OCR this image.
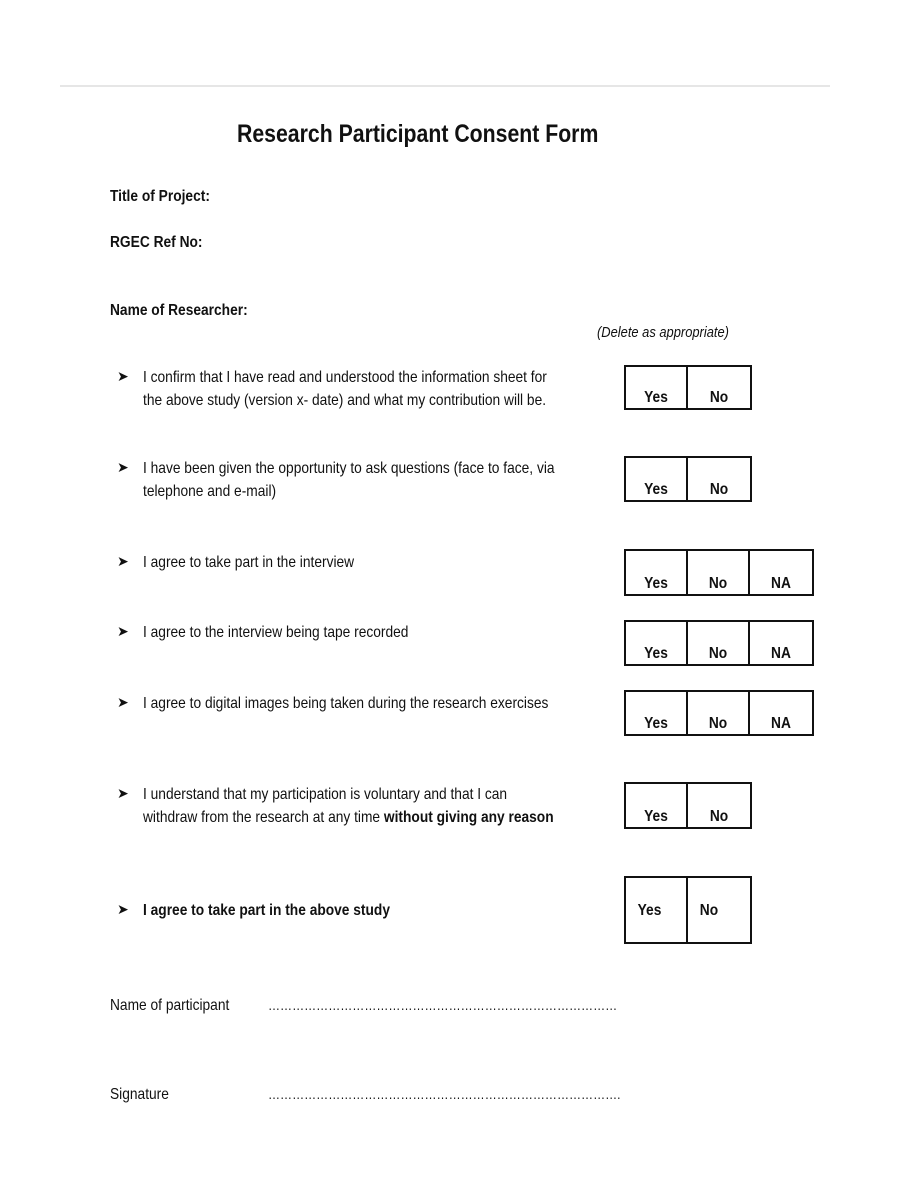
Research Participant Consent Form
Title of Project:
RGEC Ref No:
Name of Researcher:
(Delete as appropriate)
➤ I confirm that I have read and understood the information sheet for
the above study (version x- date) and what my contribution will be.	Yes	No
➤ I have been given the opportunity to ask questions (face to face, via
telephone and e-mail)	Yes	No
➤ I agree to take part in the interview
Yes	No	NA
➤ I agree to the interview being tape recorded
Yes	No	NA
➤ I agree to digital images being taken during the research exercises
Yes	No	NA
➤ I understand that my participation is voluntary and that I can
withdraw from the research at any time without giving any reason	Yes	No
➤ I agree to take part in the above study	Yes	No
Name of participant	……………………………………………………………………………
Signature	…………………………………………………………………………….
